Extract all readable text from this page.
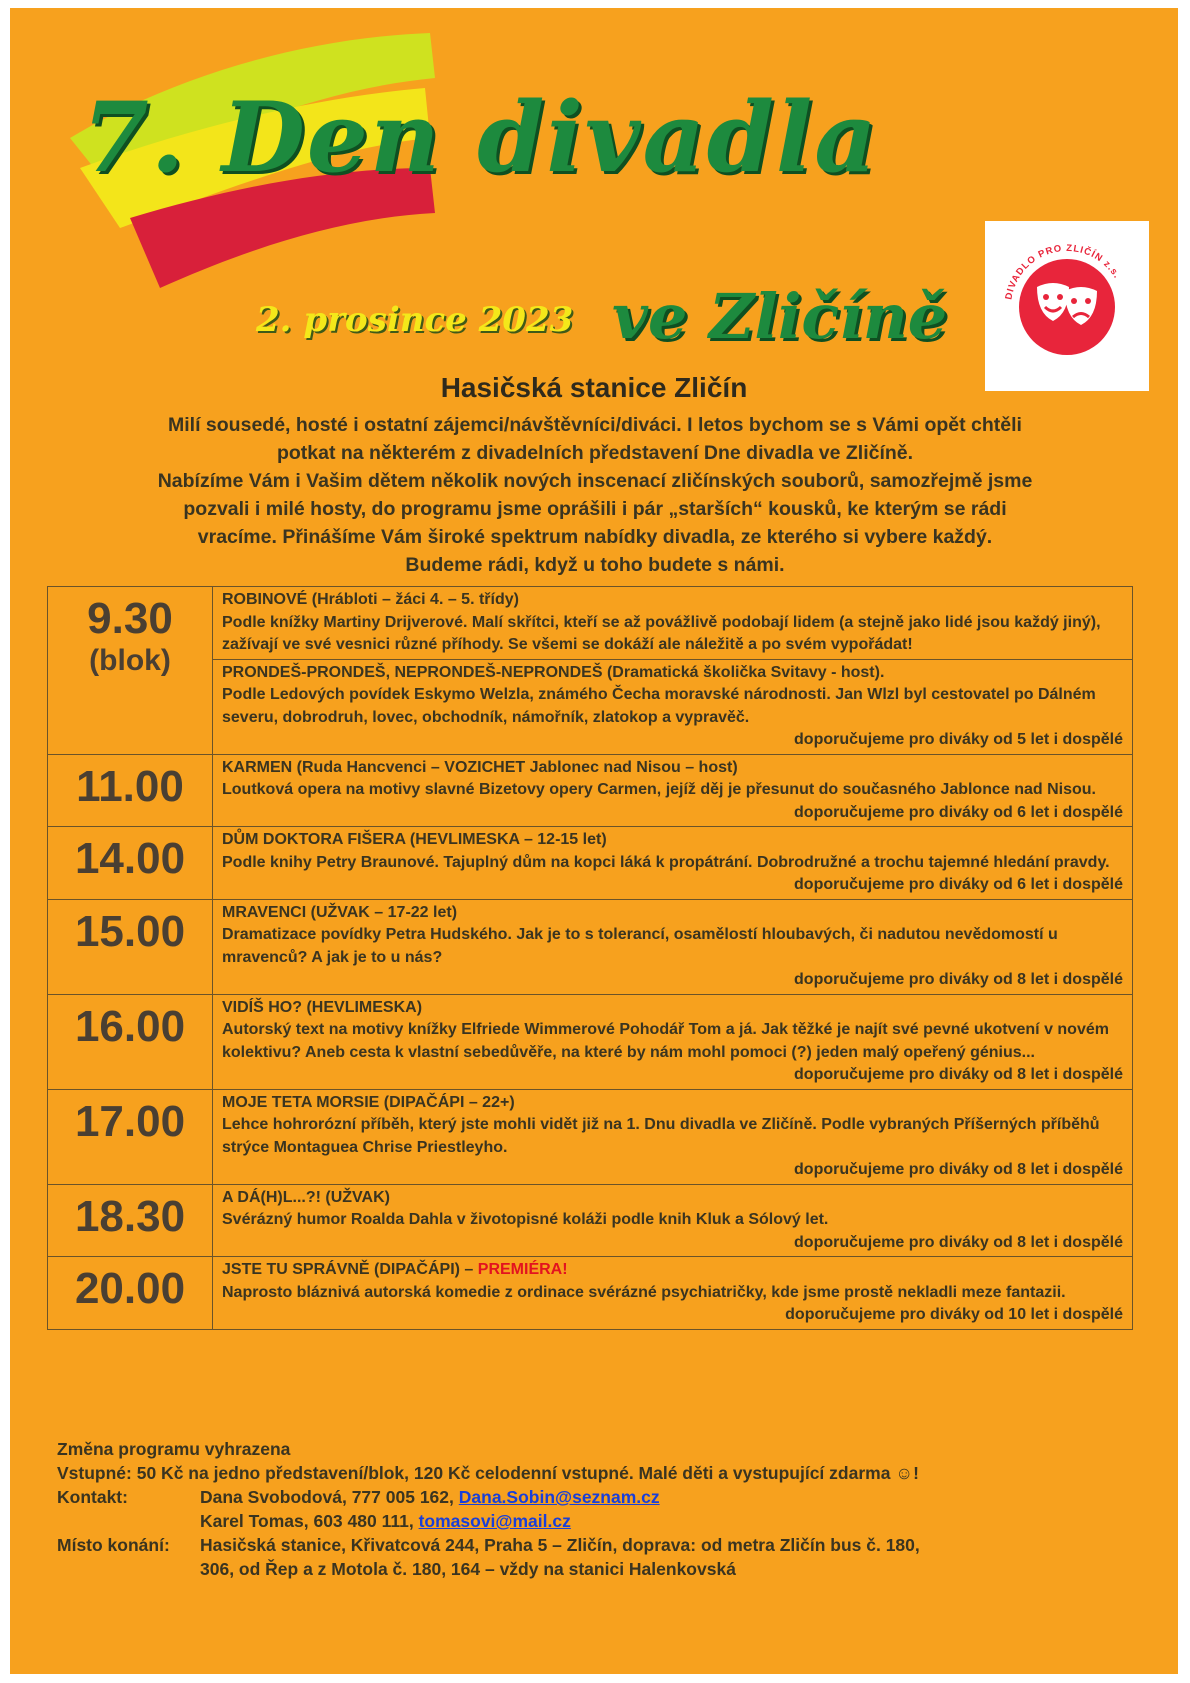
7. Den divadla
2. prosince 2023 ve Zličíně	DIVADLO PRO ZLIČÍN z.s.
Hasičská stanice Zličín

Milí sousedé, hosté i ostatní zájemci/návštěvníci/diváci. I letos bychom se s Vámi opět chtěli

potkat na některém z divadelních představení Dne divadla ve Zličíně.

Nabízíme Vám i Vašim dětem několik nových inscenací zličínských souborů, samozřejmě jsme

pozvali i milé hosty, do programu jsme oprášili i pár „starších“ kousků, ke kterým se rádi

vracíme. Přinášíme Vám široké spektrum nabídky divadla, ze kterého si vybere každý.

Budeme rádi, když u toho budete s námi.

9.30
(blok)	ROBINOVÉ (Hrábloti – žáci 4. – 5. třídy)
Podle knížky Martiny Drijverové. Malí skřítci, kteří se až povážlivě podobají lidem (a stejně jako lidé jsou každý jiný), zažívají ve své vesnici různé příhody. Se všemi se dokáží ale náležitě a po svém vypořádat!
	PRONDEŠ-PRONDEŠ, NEPRONDEŠ-NEPRONDEŠ (Dramatická školička Svitavy - host).
Podle Ledových povídek Eskymo Welzla, známého Čecha moravské národnosti. Jan Wlzl byl cestovatel po Dálném severu, dobrodruh, lovec, obchodník, námořník, zlatokop a vypravěč.
doporučujeme pro diváky od 5 let i dospělé

11.00	KARMEN (Ruda Hancvenci – VOZICHET Jablonec nad Nisou – host)
Loutková opera na motivy slavné Bizetovy opery Carmen, jejíž děj je přesunut do současného Jablonce nad Nisou.
doporučujeme pro diváky od 6 let i dospělé

14.00	DŮM DOKTORA FIŠERA (HEVLIMESKA – 12-15 let)
Podle knihy Petry Braunové. Tajuplný dům na kopci láká k propátrání. Dobrodružné a trochu tajemné hledání pravdy.
doporučujeme pro diváky od 6 let i dospělé

15.00	MRAVENCI (UŽVAK – 17-22 let)
Dramatizace povídky Petra Hudského. Jak je to s tolerancí, osamělostí hloubavých, či nadutou nevědomostí u mravenců? A jak je to u nás?
doporučujeme pro diváky od 8 let i dospělé

16.00	VIDÍŠ HO? (HEVLIMESKA)
Autorský text na motivy knížky Elfriede Wimmerové Pohodář Tom a já. Jak těžké je najít své pevné ukotvení v novém kolektivu? Aneb cesta k vlastní sebedůvěře, na které by nám mohl pomoci (?) jeden malý opeřený génius...
doporučujeme pro diváky od 8 let i dospělé

17.00	MOJE TETA MORSIE (DIPAČÁPI – 22+)
Lehce hohrorózní příběh, který jste mohli vidět již na 1. Dnu divadla ve Zličíně. Podle vybraných Příšerných příběhů strýce Montaguea Chrise Priestleyho.
doporučujeme pro diváky od 8 let i dospělé

18.30	A DÁ(H)L...?! (UŽVAK)
Svérázný humor Roalda Dahla v životopisné koláži podle knih Kluk a Sólový let.
doporučujeme pro diváky od 8 let i dospělé

20.00	JSTE TU SPRÁVNĚ (DIPAČÁPI) – PREMIÉRA!
Naprosto bláznivá autorská komedie z ordinace svérázné psychiatričky, kde jsme prostě nekladli meze fantazii.
doporučujeme pro diváky od 10 let i dospělé
Změna programu vyhrazena
Vstupné: 50 Kč na jedno představení/blok, 120 Kč celodenní vstupné. Malé děti a vystupující zdarma ☺!
Kontakt:	Dana Svobodová, 777 005 162, Dana.Sobin@seznam.cz
Karel Tomas, 603 480 111, tomasovi@mail.cz
Místo konání:	Hasičská stanice, Křivatcová 244, Praha 5 – Zličín, doprava: od metra Zličín bus č. 180,
306, od Řep a z Motola č. 180, 164 – vždy na stanici Halenkovská
